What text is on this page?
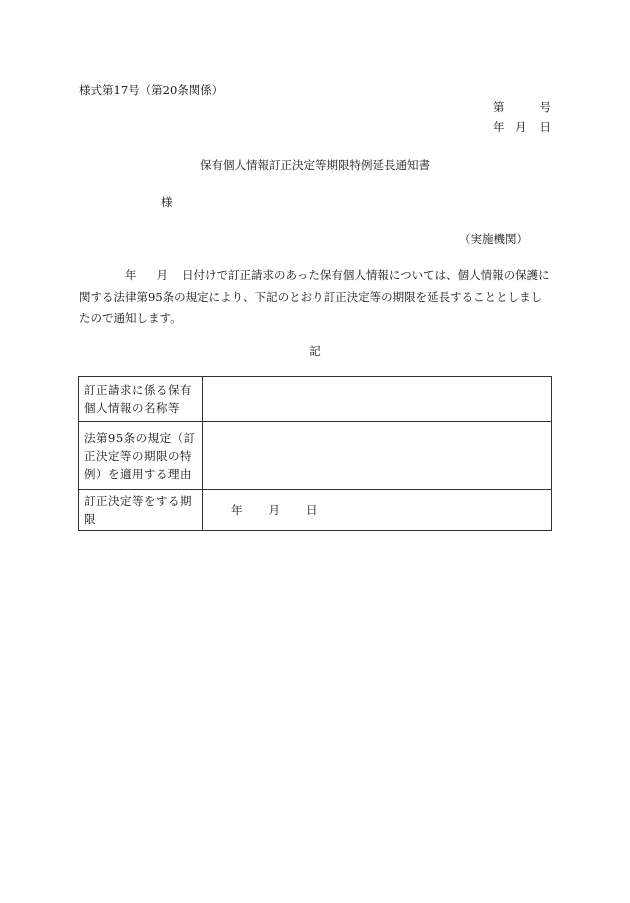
様式第17号（第20条関係）
第	号
年 月 日
保有個人情報訂正決定等期限特例延長通知書
様
（実施機関）
年 月 日付けで訂正請求のあった保有個人情報については、個人情報の保護に関する法律第95条の規定により、下記のとおり訂正決定等の期限を延長することとしましたので通知します。
記
訂正請求に係る保有個人情報の名称等	
法第95条の規定（訂正決定等の期限の特例）を適用する理由	
訂正決定等をする期限	年 月 日
